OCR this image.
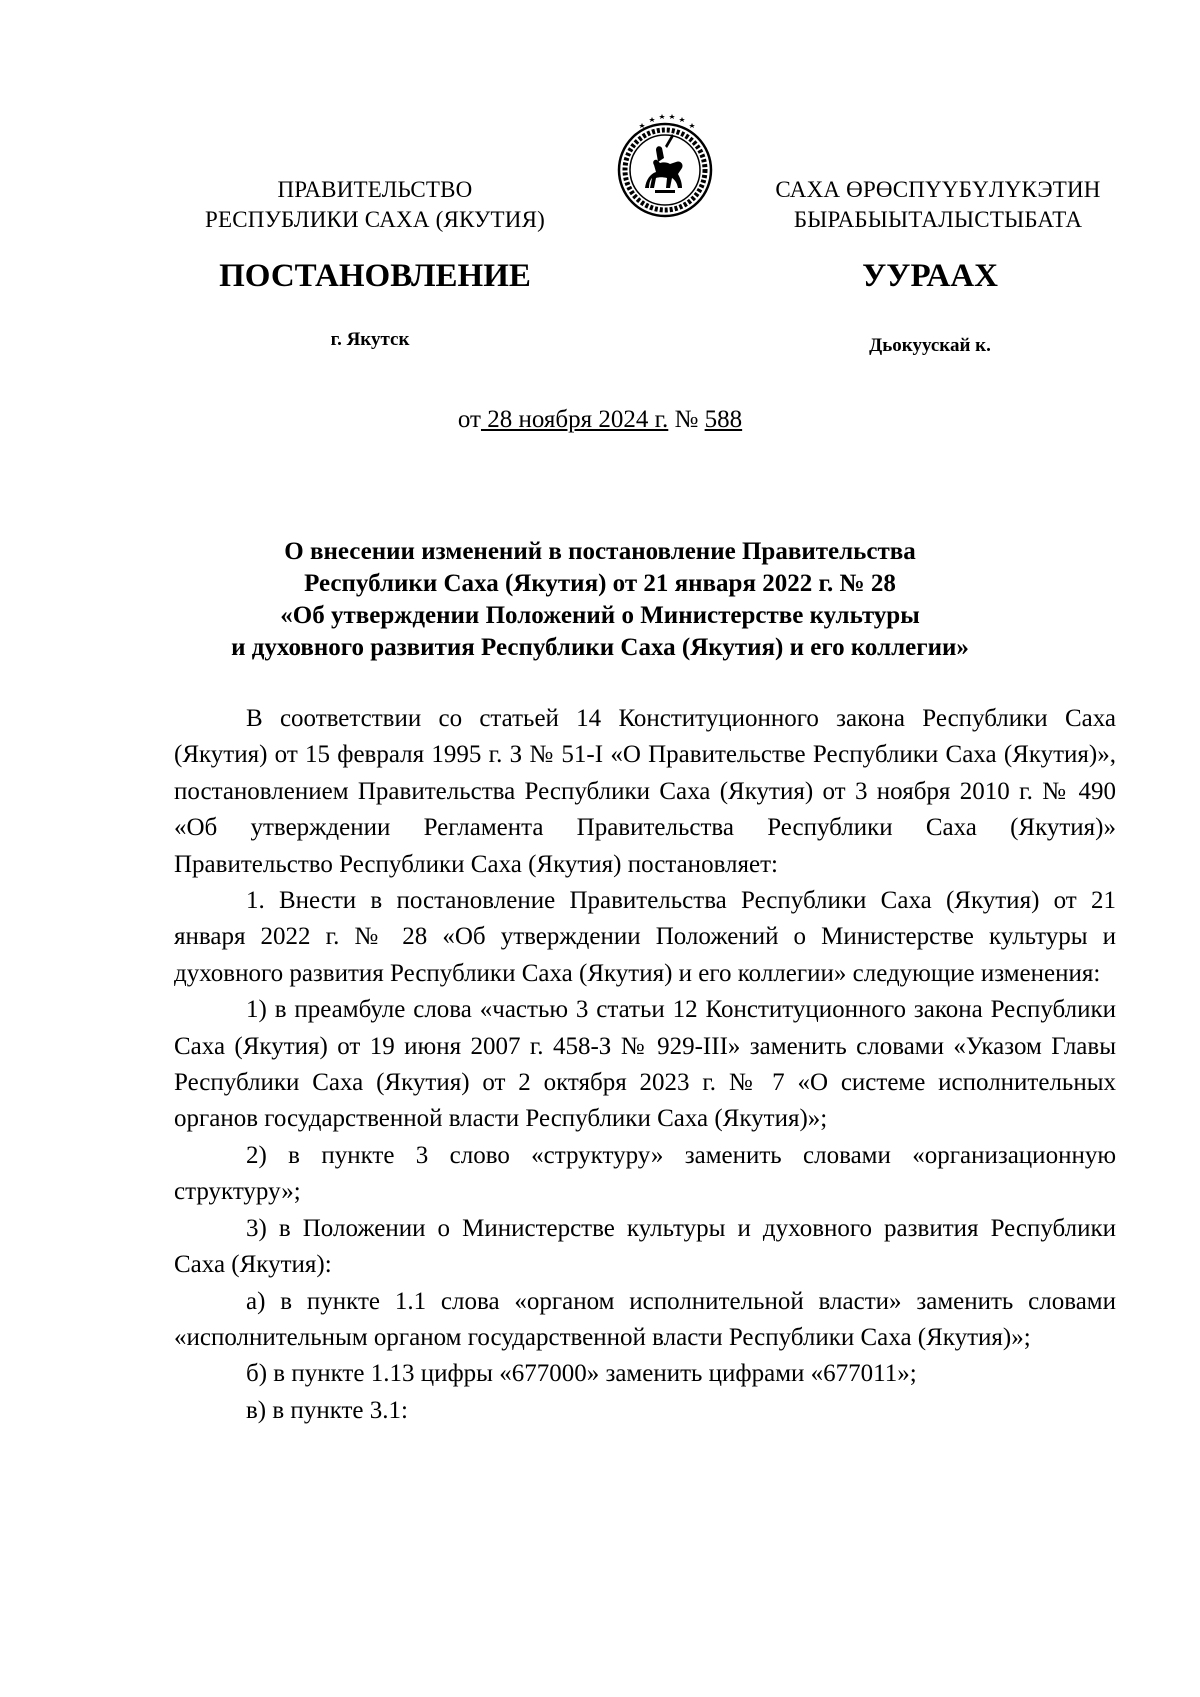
ПРАВИТЕЛЬСТВО
РЕСПУБЛИКИ САХА (ЯКУТИЯ)
САХА ӨРӨСПҮҮБҮЛҮКЭТИН
БЫРАБЫЫТАЛЫСТЫБАТА
ПОСТАНОВЛЕНИЕ	УУРААХ
г. Якутск	Дьокуускай к.
от 28 ноября 2024 г. № 588
О внесении изменений в постановление Правительства
Республики Саха (Якутия) от 21 января 2022 г. № 28
«Об утверждении Положений о Министерстве культуры
и духовного развития Республики Саха (Якутия) и его коллегии»

В соответствии со статьей 14 Конституционного закона Республики Саха (Якутия) от 15 февраля 1995 г. З № 51-I «О Правительстве Республики Саха (Якутия)», постановлением Правительства Республики Саха (Якутия) от 3 ноября 2010 г. № 490 «Об утверждении Регламента Правительства Республики Саха (Якутия)» Правительство Республики Саха (Якутия) постановляет:

1. Внести в постановление Правительства Республики Саха (Якутия) от 21 января 2022 г. № 28 «Об утверждении Положений о Министерстве культуры и духовного развития Республики Саха (Якутия) и его коллегии» следующие изменения:

1) в преамбуле слова «частью 3 статьи 12 Конституционного закона Республики Саха (Якутия) от 19 июня 2007 г. 458-З № 929-III» заменить словами «Указом Главы Республики Саха (Якутия) от 2 октября 2023 г. № 7 «О системе исполнительных органов государственной власти Республики Саха (Якутия)»;

2) в пункте 3 слово «структуру» заменить словами «организационную структуру»;

3) в Положении о Министерстве культуры и духовного развития Республики Саха (Якутия):

а) в пункте 1.1 слова «органом исполнительной власти» заменить словами «исполнительным органом государственной власти Республики Саха (Якутия)»;

б) в пункте 1.13 цифры «677000» заменить цифрами «677011»;

в) в пункте 3.1:
